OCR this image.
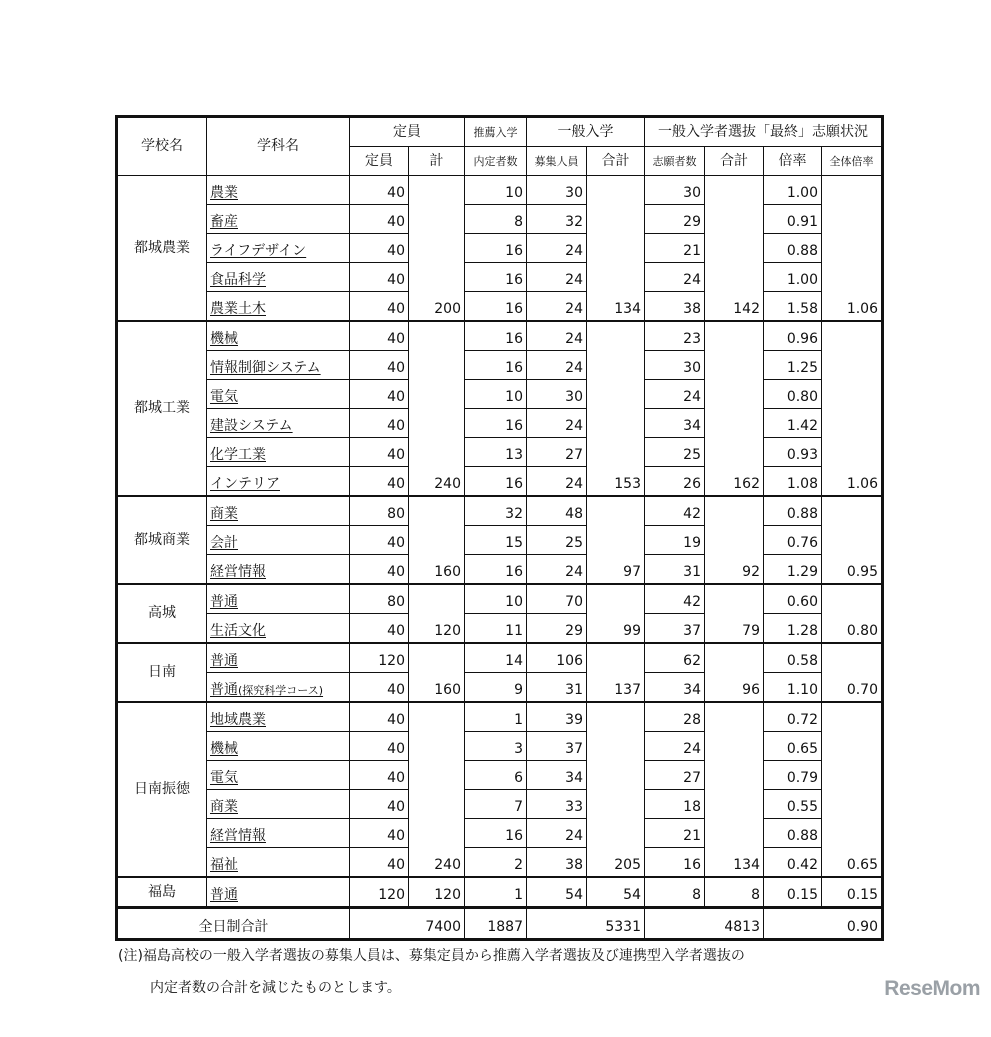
学校名	学科名	定員		推薦入学	一般入学		一般入学者選抜「最終」志願状況			
		定員	計	内定者数	募集人員	合計	志願者数	合計	倍率	全体倍率
都城農業	農業	40		10	30		30		1.00	
	畜産	40		8	32		29		0.91	
	ライフデザイン	40		16	24		21		0.88	
	食品科学	40		16	24		24		1.00	
	農業土木	40	200	16	24	134	38	142	1.58	1.06
都城工業	機械	40		16	24		23		0.96	
	情報制御システム	40		16	24		30		1.25	
	電気	40		10	30		24		0.80	
	建設システム	40		16	24		34		1.42	
	化学工業	40		13	27		25		0.93	
	インテリア	40	240	16	24	153	26	162	1.08	1.06
都城商業	商業	80		32	48		42		0.88	
	会計	40		15	25		19		0.76	
	経営情報	40	160	16	24	97	31	92	1.29	0.95
高城	普通	80		10	70		42		0.60	
	生活文化	40	120	11	29	99	37	79	1.28	0.80
日南	普通	120		14	106		62		0.58	
	普通(探究科学コース)	40	160	9	31	137	34	96	1.10	0.70
日南振徳	地域農業	40		1	39		28		0.72	
	機械	40		3	37		24		0.65	
	電気	40		6	34		27		0.79	
	商業	40		7	33		18		0.55	
	経営情報	40		16	24		21		0.88	
	福祉	40	240	2	38	205	16	134	0.42	0.65
福島	普通	120	120	1	54	54	8	8	0.15	0.15
全日制合計		7400		1887	5331		4813		0.90	
(注)福島高校の一般入学者選抜の募集人員は、募集定員から推薦入学者選抜及び連携型入学者選抜の
内定者数の合計を減じたものとします。	ReseMom
